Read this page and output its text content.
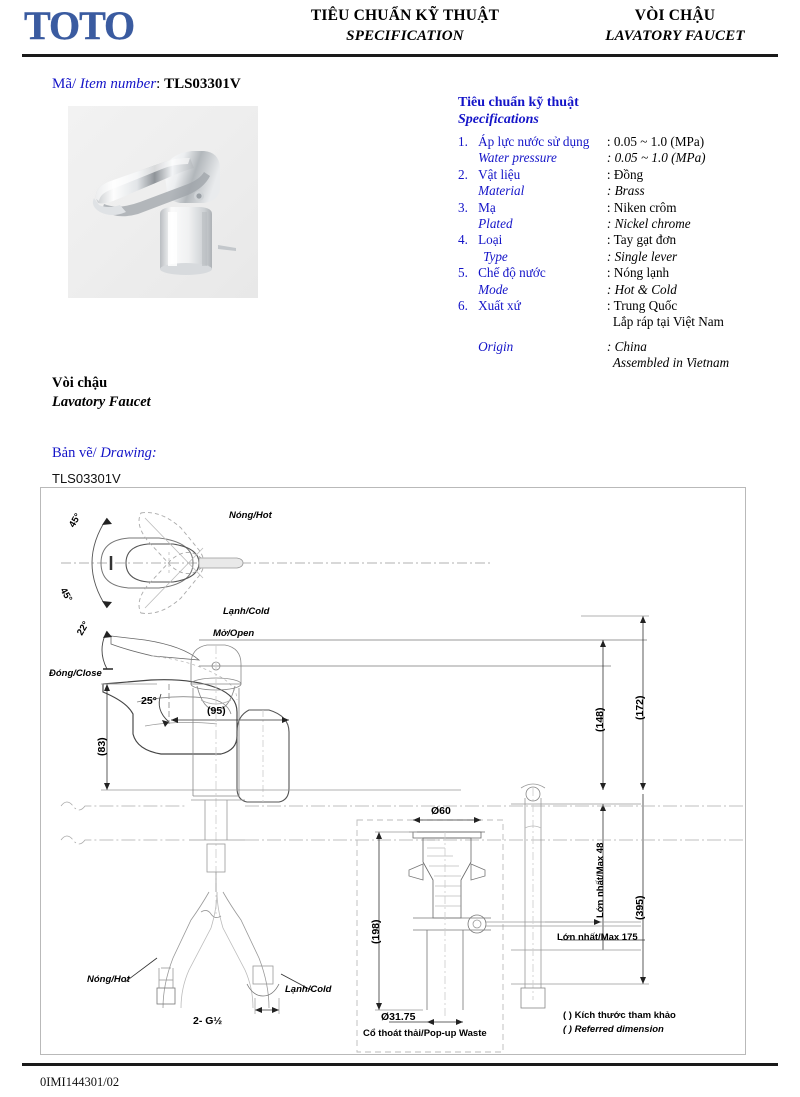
TOTO	TIÊU CHUẨN KỸ THUẬT
SPECIFICATION
VÒI CHẬU
LAVATORY FAUCET
Mã/ Item number: TLS03301V
Tiêu chuẩn kỹ thuật
Specifications
1.	Áp lực nước sử dụng	: 0.05 ~ 1.0 (MPa)
	Water pressure	: 0.05 ~ 1.0 (MPa)
2.	Vật liệu	: Đồng
	Material	: Brass
3.	Mạ	: Niken crôm
	Plated	: Nickel chrome
4.	Loại	: Tay gạt đơn
	Type	: Single lever
5.	Chế độ nước	: Nóng lạnh
	Mode	: Hot & Cold
6.	Xuất xứ	: Trung Quốc
		Lắp ráp tại Việt Nam
	Origin	: China
		Assembled in Vietnam
Vòi chậu
Lavatory Faucet
Bản vẽ/ Drawing:
TLS03301V
Nóng/Hot
Lạnh/Cold
45°
45°
Mở/Open
Đóng/Close
22°
25°
(83)
(95)	(148)	(172)
Lớn nhất/Max 48	(395)
(198)
Ø60
Ø31.75
Lớn nhất/Max 175
Cổ thoát thải/Pop-up Waste
Nóng/Hot
Lạnh/Cold
2- G½	( ) Kích thước tham khảo
( ) Referred dimension
0IMI144301/02
